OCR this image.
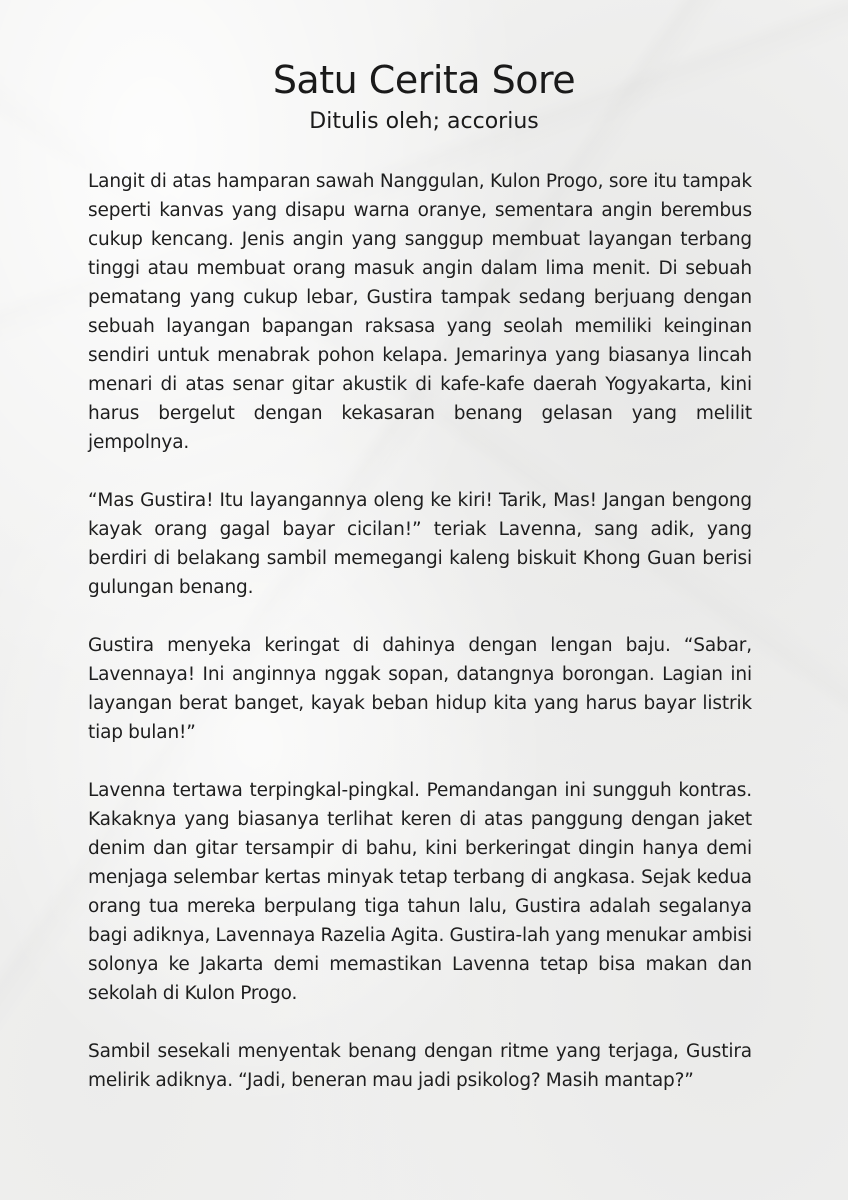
Satu Cerita Sore
Ditulis oleh; accorius

Langit di atas hamparan sawah Nanggulan, Kulon Progo, sore itu tampak seperti kanvas yang disapu warna oranye, sementara angin berembus cukup kencang. Jenis angin yang sanggup membuat layangan terbang tinggi atau membuat orang masuk angin dalam lima menit. Di sebuah pematang yang cukup lebar, Gustira tampak sedang berjuang dengan sebuah layangan bapangan raksasa yang seolah memiliki keinginan sendiri untuk menabrak pohon kelapa. Jemarinya yang biasanya lincah menari di atas senar gitar akustik di kafe-kafe daerah Yogyakarta, kini harus bergelut dengan kekasaran benang gelasan yang melilit jempolnya.

“Mas Gustira! Itu layangannya oleng ke kiri! Tarik, Mas! Jangan bengong kayak orang gagal bayar cicilan!” teriak Lavenna, sang adik, yang berdiri di belakang sambil memegangi kaleng biskuit Khong Guan berisi gulungan benang.

Gustira menyeka keringat di dahinya dengan lengan baju. “Sabar, Lavennaya! Ini anginnya nggak sopan, datangnya borongan. Lagian ini layangan berat banget, kayak beban hidup kita yang harus bayar listrik tiap bulan!”

Lavenna tertawa terpingkal-pingkal. Pemandangan ini sungguh kontras. Kakaknya yang biasanya terlihat keren di atas panggung dengan jaket denim dan gitar tersampir di bahu, kini berkeringat dingin hanya demi menjaga selembar kertas minyak tetap terbang di angkasa. Sejak kedua orang tua mereka berpulang tiga tahun lalu, Gustira adalah segalanya bagi adiknya, Lavennaya Razelia Agita. Gustira-lah yang menukar ambisi solonya ke Jakarta demi memastikan Lavenna tetap bisa makan dan sekolah di Kulon Progo.

Sambil sesekali menyentak benang dengan ritme yang terjaga, Gustira melirik adiknya. “Jadi, beneran mau jadi psikolog? Masih mantap?”
